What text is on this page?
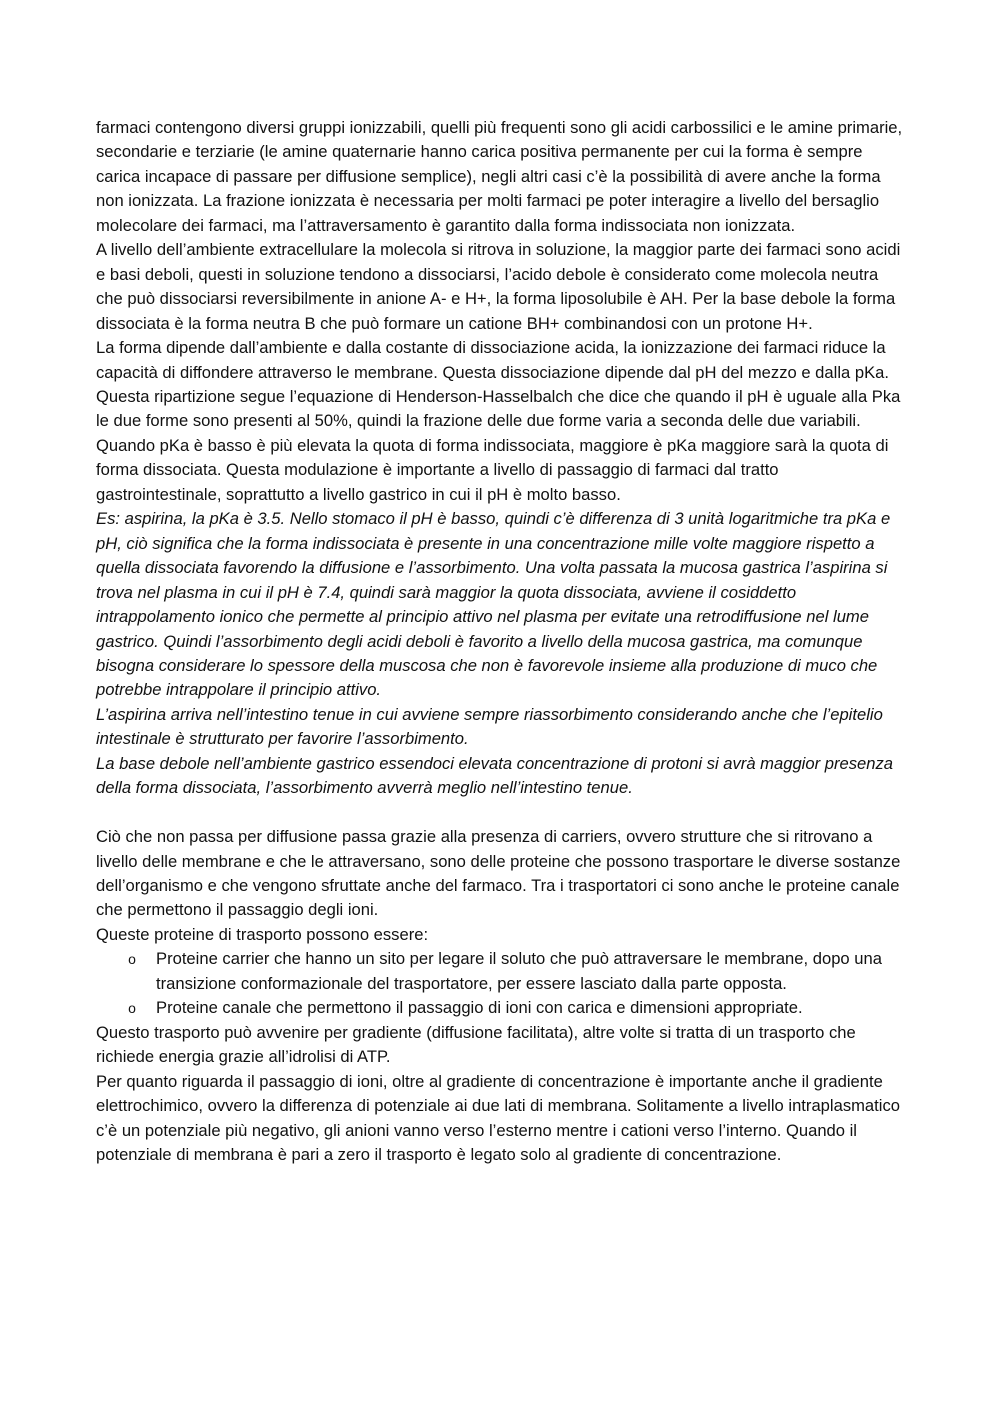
farmaci contengono diversi gruppi ionizzabili, quelli più frequenti sono gli acidi carbossilici e le amine primarie, secondarie e terziarie (le amine quaternarie hanno carica positiva permanente per cui la forma è sempre carica incapace di passare per diffusione semplice), negli altri casi c’è la possibilità di avere anche la forma non ionizzata. La frazione ionizzata è necessaria per molti farmaci pe poter interagire a livello del bersaglio molecolare dei farmaci, ma l’attraversamento è garantito dalla forma indissociata non ionizzata.

A livello dell’ambiente extracellulare la molecola si ritrova in soluzione, la maggior parte dei farmaci sono acidi e basi deboli, questi in soluzione tendono a dissociarsi, l’acido debole è considerato come molecola neutra che può dissociarsi reversibilmente in anione A- e H+, la forma liposolubile è AH. Per la base debole la forma dissociata è la forma neutra B che può formare un catione BH+ combinandosi con un protone H+.

La forma dipende dall’ambiente e dalla costante di dissociazione acida, la ionizzazione dei farmaci riduce la capacità di diffondere attraverso le membrane. Questa dissociazione dipende dal pH del mezzo e dalla pKa. Questa ripartizione segue l’equazione di Henderson-Hasselbalch che dice che quando il pH è uguale alla Pka le due forme sono presenti al 50%, quindi la frazione delle due forme varia a seconda delle due variabili. Quando pKa è basso è più elevata la quota di forma indissociata, maggiore è pKa maggiore sarà la quota di forma dissociata. Questa modulazione è importante a livello di passaggio di farmaci dal tratto gastrointestinale, soprattutto a livello gastrico in cui il pH è molto basso.

Es: aspirina, la pKa è 3.5. Nello stomaco il pH è basso, quindi c’è differenza di 3 unità logaritmiche tra pKa e pH, ciò significa che la forma indissociata è presente in una concentrazione mille volte maggiore rispetto a quella dissociata favorendo la diffusione e l’assorbimento. Una volta passata la mucosa gastrica l’aspirina si trova nel plasma in cui il pH è 7.4, quindi sarà maggior la quota dissociata, avviene il cosiddetto intrappolamento ionico che permette al principio attivo nel plasma per evitate una retrodiffusione nel lume gastrico. Quindi l’assorbimento degli acidi deboli è favorito a livello della mucosa gastrica, ma comunque bisogna considerare lo spessore della muscosa che non è favorevole insieme alla produzione di muco che potrebbe intrappolare il principio attivo.

L’aspirina arriva nell’intestino tenue in cui avviene sempre riassorbimento considerando anche che l’epitelio intestinale è strutturato per favorire l’assorbimento.

La base debole nell’ambiente gastrico essendoci elevata concentrazione di protoni si avrà maggior presenza della forma dissociata, l’assorbimento avverrà meglio nell’intestino tenue.

Ciò che non passa per diffusione passa grazie alla presenza di carriers, ovvero strutture che si ritrovano a livello delle membrane e che le attraversano, sono delle proteine che possono trasportare le diverse sostanze dell’organismo e che vengono sfruttate anche del farmaco. Tra i trasportatori ci sono anche le proteine canale che permettono il passaggio degli ioni.

Queste proteine di trasporto possono essere:

o Proteine carrier che hanno un sito per legare il soluto che può attraversare le membrane, dopo una transizione conformazionale del trasportatore, per essere lasciato dalla parte opposta.
o Proteine canale che permettono il passaggio di ioni con carica e dimensioni appropriate.

Questo trasporto può avvenire per gradiente (diffusione facilitata), altre volte si tratta di un trasporto che richiede energia grazie all’idrolisi di ATP.

Per quanto riguarda il passaggio di ioni, oltre al gradiente di concentrazione è importante anche il gradiente elettrochimico, ovvero la differenza di potenziale ai due lati di membrana. Solitamente a livello intraplasmatico c’è un potenziale più negativo, gli anioni vanno verso l’esterno mentre i cationi verso l’interno. Quando il potenziale di membrana è pari a zero il trasporto è legato solo al gradiente di concentrazione.
